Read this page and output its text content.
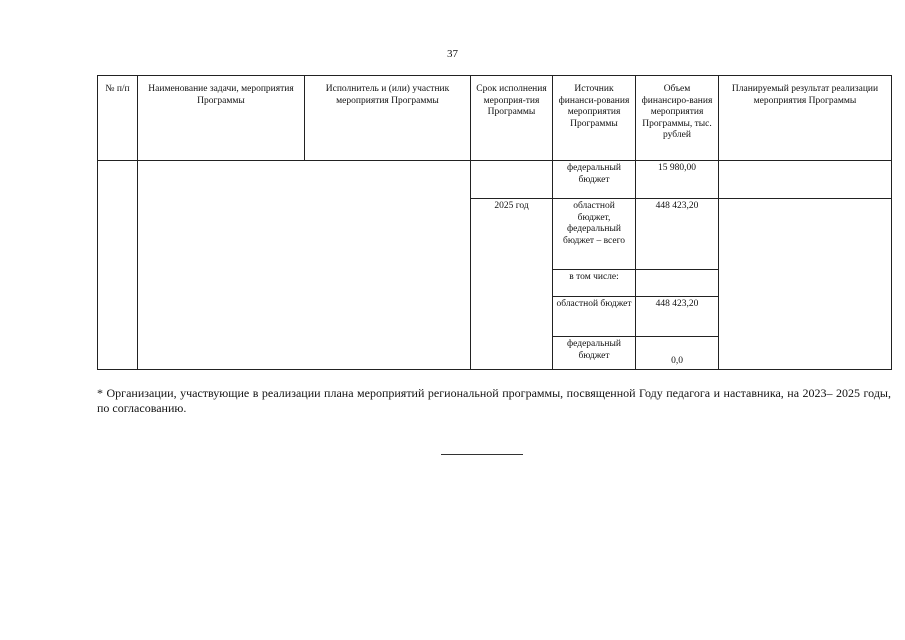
37
№ п/п	Наименование задачи, мероприятия Программы	Исполнитель и (или) участник мероприятия Программы	Срок исполнения мероприя-тия Программы	Источник финанси-рования мероприятия Программы	Объем финансиро-вания мероприятия Программы, тыс. рублей	Планируемый результат реализации мероприятия Программы
				федеральный бюджет	15 980,00	
			2025 год	областной бюджет, федеральный бюджет – всего	448 423,20	
				в том числе:		
				областной бюджет	448 423,20	
				федеральный бюджет	0,0	
* Организации, участвующие в реализации плана мероприятий региональной программы, посвященной Году педагога и наставника, на 2023– 2025 годы, по согласованию.
